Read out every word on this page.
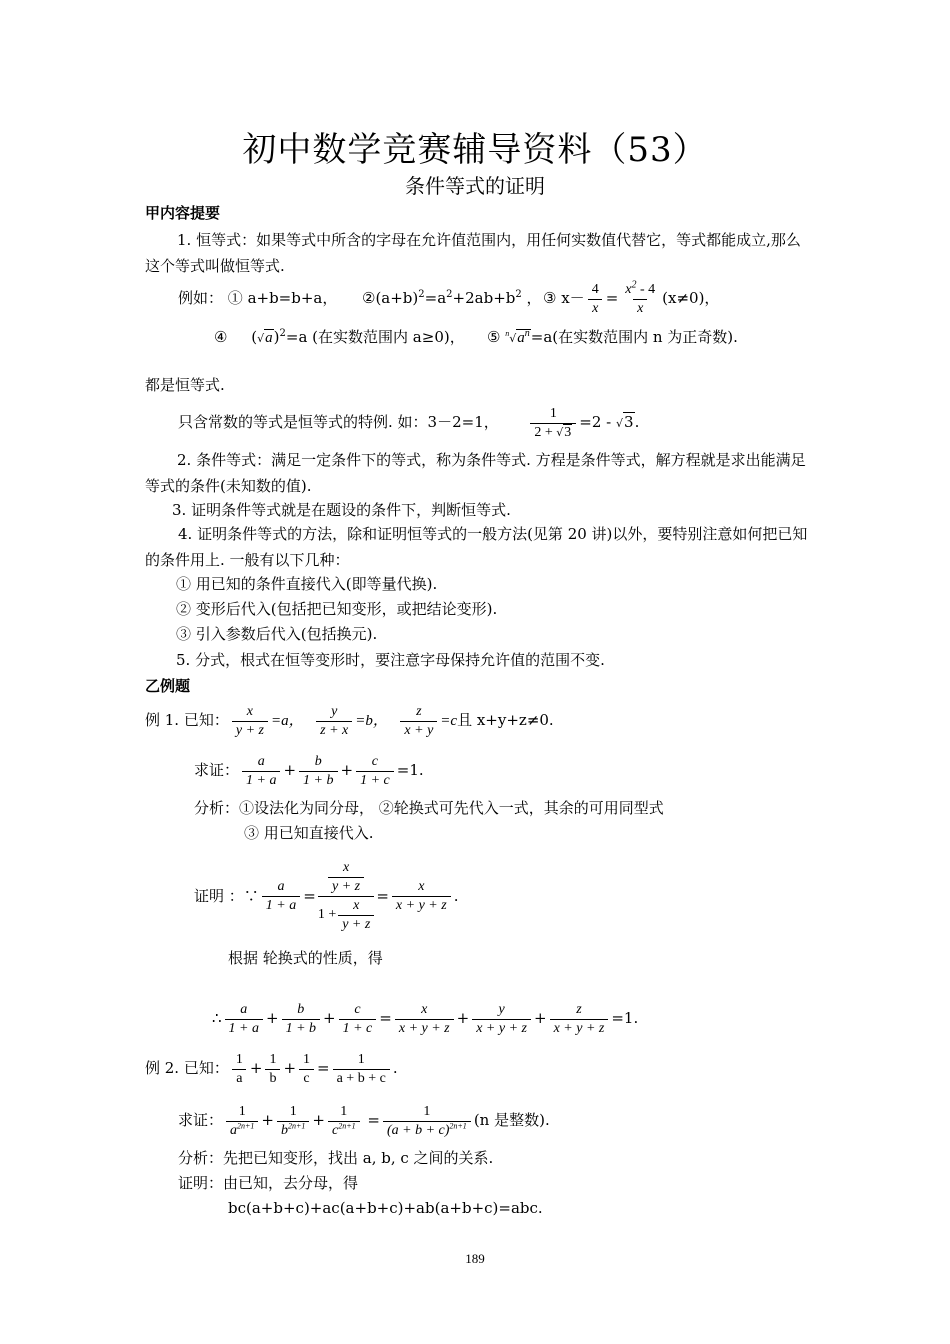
初中数学竞赛辅导资料（53）
条件等式的证明
甲内容提要
1. 恒等式：如果等式中所含的字母在允许值范围内，用任何实数值代替它，等式都能成立,那么这个等式叫做恒等式.
例如： ① a+b=b+a， $②(a+b)^2=a^2+2ab+b^2$ ， ③ $x- \frac{4}{x} = \frac{x^2 - 4}{x} (x\ne 0)$，
④ $(√a)^2=a$ (在实数范围内 a≥0)， ⑤ $^n√a^n=a$(在实数范围内 n 为正奇数).
都是恒等式.
只含常数的等式是恒等式的特例. 如：3－2=1， $\frac{1}{2 + √3} =2 - √3$.
2. 条件等式：满足一定条件下的等式，称为条件等式. 方程是条件等式，解方程就是求出能满足等式的条件(未知数的值).
3. 证明条件等式就是在题设的条件下，判断恒等式.
4. 证明条件等式的方法，除和证明恒等式的一般方法(见第 20 讲)以外，要特别注意如何把已知的条件用上. 一般有以下几种：
① 用已知的条件直接代入(即等量代换).
② 变形后代入(包括把已知变形，或把结论变形).
③ 引入参数后代入(包括换元).
5. 分式，根式在恒等变形时，要注意字母保持允许值的范围不变.
乙例题
例 1. 已知： $\frac{x}{y + z} =a$， $\frac{y}{z + x} =b$， $\frac{z}{x + y} =c$且 x+y+z≠0.
求证： $\frac{a}{1 + a} + \frac{b}{1 + b} + \frac{c}{1 + c} =1$.
分析：①设法化为同分母， ②轮换式可先代入一式，其余的可用同型式
③ 用已知直接代入.
证明 ：∵ $\frac{a}{1 + a} = \frac{\frac{x}{y + z}}{1 + \frac{x}{y + z}} = \frac{x}{x + y + z}$ .
根据 轮换式的性质，得
∴ $\frac{a}{1 + a} + \frac{b}{1 + b} + \frac{c}{1 + c} = \frac{x}{x + y + z} + \frac{y}{x + y + z} + \frac{z}{x + y + z} =1$.
例 2. 已知： $\frac{1}{a} + \frac{1}{b} + \frac{1}{c} = \frac{1}{a + b + c}$ .
求证： $\frac{1}{a^{2n+1}} + \frac{1}{b^{2n+1}} + \frac{1}{c^{2n+1}} = \frac{1}{(a + b + c)^{2n+1}} (n$ 是整数).
分析：先把已知变形，找出 a, b, c 之间的关系.
证明：由已知，去分母，得
bc(a+b+c)+ac(a+b+c)+ab(a+b+c)=abc.
189
